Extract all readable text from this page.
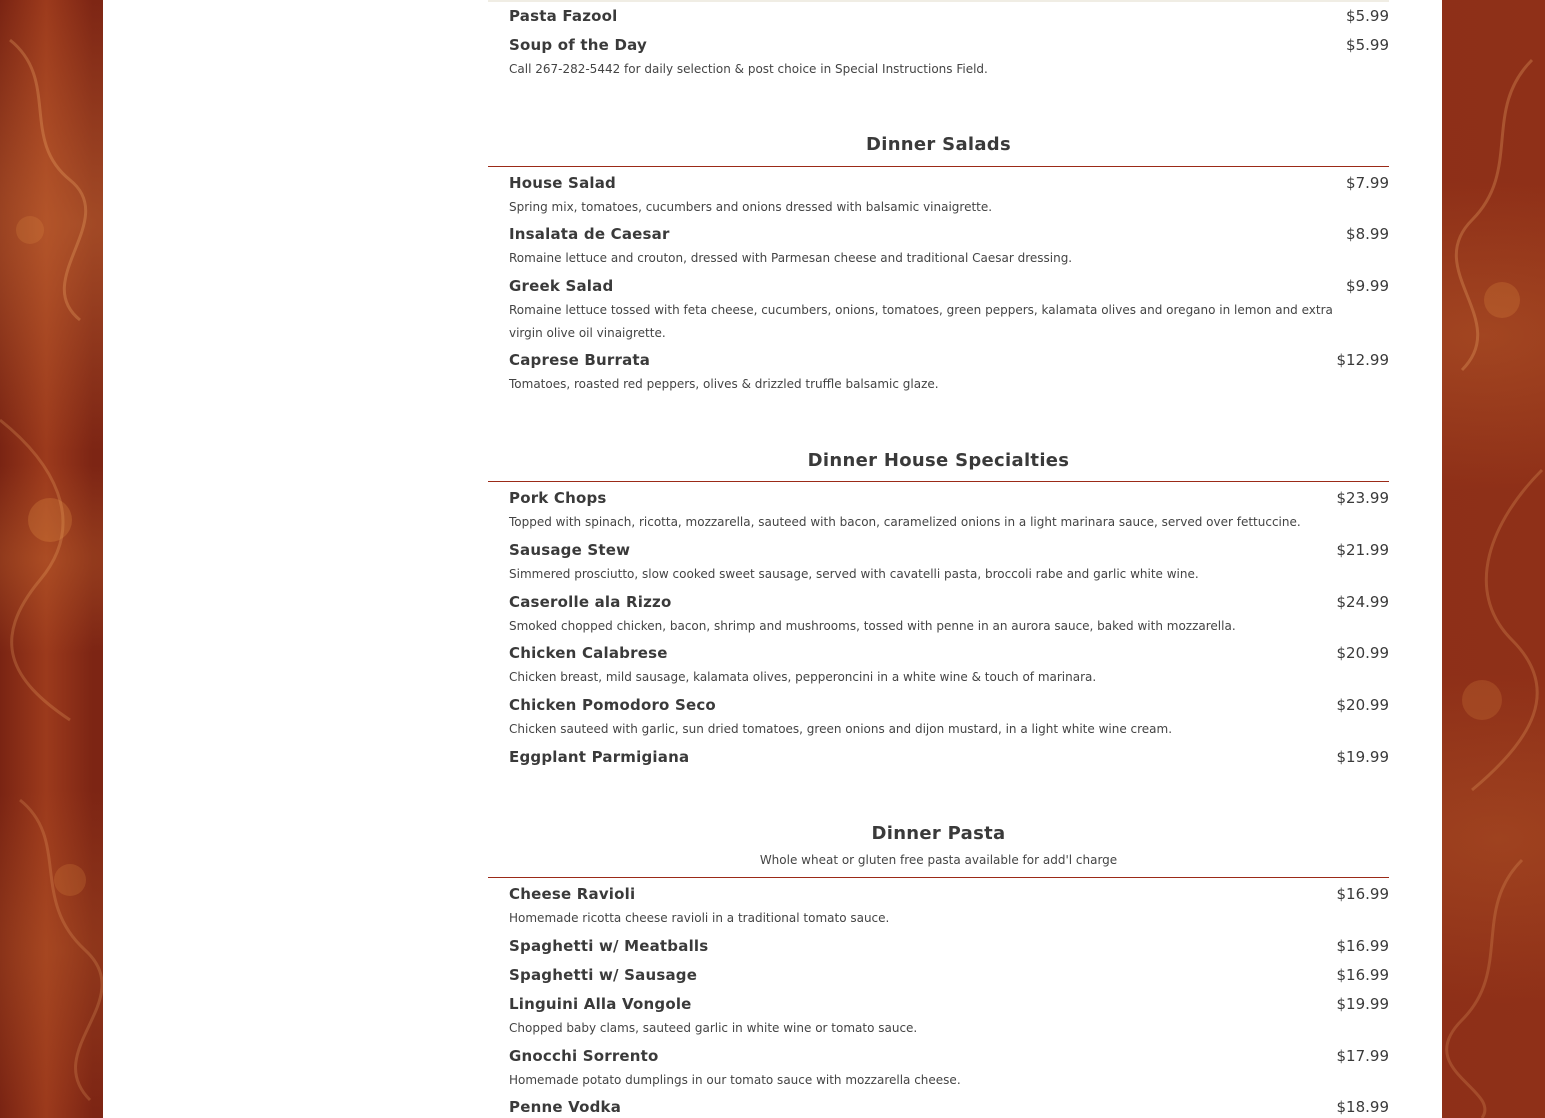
Pasta Fazool	$5.99
Soup of the Day	$5.99
Call 267-282-5442 for daily selection & post choice in Special Instructions Field.
Dinner Salads
House Salad	$7.99
Spring mix, tomatoes, cucumbers and onions dressed with balsamic vinaigrette.
Insalata de Caesar	$8.99
Romaine lettuce and crouton, dressed with Parmesan cheese and traditional Caesar dressing.
Greek Salad	$9.99
Romaine lettuce tossed with feta cheese, cucumbers, onions, tomatoes, green peppers, kalamata olives and oregano in lemon and extra virgin olive oil vinaigrette.
Caprese Burrata	$12.99
Tomatoes, roasted red peppers, olives & drizzled truffle balsamic glaze.
Dinner House Specialties
Pork Chops	$23.99
Topped with spinach, ricotta, mozzarella, sauteed with bacon, caramelized onions in a light marinara sauce, served over fettuccine.
Sausage Stew	$21.99
Simmered prosciutto, slow cooked sweet sausage, served with cavatelli pasta, broccoli rabe and garlic white wine.
Caserolle ala Rizzo	$24.99
Smoked chopped chicken, bacon, shrimp and mushrooms, tossed with penne in an aurora sauce, baked with mozzarella.
Chicken Calabrese	$20.99
Chicken breast, mild sausage, kalamata olives, pepperoncini in a white wine & touch of marinara.
Chicken Pomodoro Seco	$20.99
Chicken sauteed with garlic, sun dried tomatoes, green onions and dijon mustard, in a light white wine cream.
Eggplant Parmigiana	$19.99
Dinner Pasta
Whole wheat or gluten free pasta available for add'l charge
Cheese Ravioli	$16.99
Homemade ricotta cheese ravioli in a traditional tomato sauce.
Spaghetti w/ Meatballs	$16.99
Spaghetti w/ Sausage	$16.99
Linguini Alla Vongole	$19.99
Chopped baby clams, sauteed garlic in white wine or tomato sauce.
Gnocchi Sorrento	$17.99
Homemade potato dumplings in our tomato sauce with mozzarella cheese.
Penne Vodka	$18.99
